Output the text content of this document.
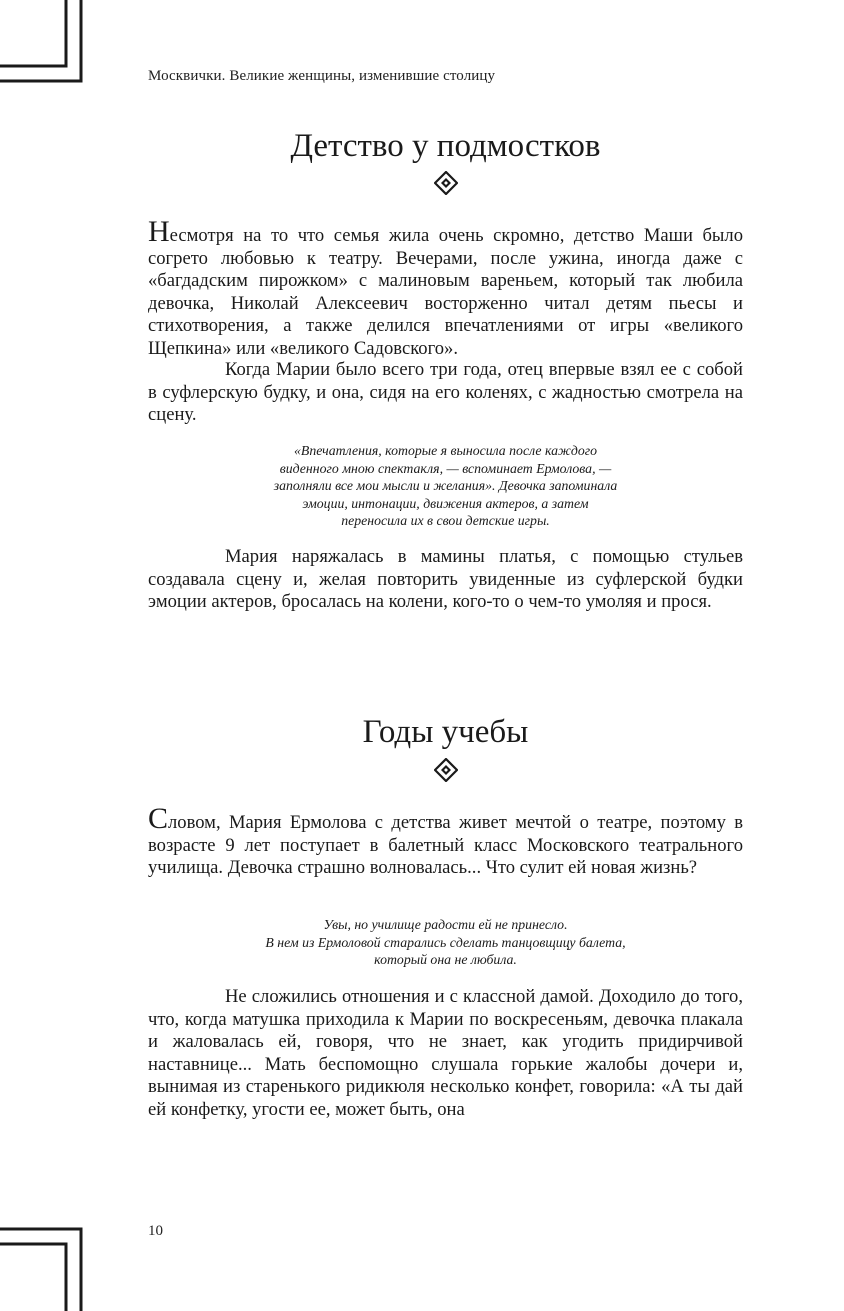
Москвички. Великие женщины, изменившие столицу
Детство у подмостков

Несмотря на то что семья жила очень скромно, детство Маши было согрето любовью к театру. Вечерами, после ужина, иногда даже с «багдадским пирожком» с малиновым вареньем, который так любила девочка, Николай Алексеевич восторженно читал детям пьесы и стихотворения, а также делился впечатлениями от игры «великого Щепкина» или «великого Садовского».

Когда Марии было всего три года, отец впервые взял ее с собой в суфлерскую будку, и она, сидя на его коленях, с жадностью смотрела на сцену.

«Впечатления, которые я выносила после каждого
виденного мною спектакля, — вспоминает Ермолова, —
заполняли все мои мысли и желания». Девочка запоминала
эмоции, интонации, движения актеров, а затем
переносила их в свои детские игры.

Мария наряжалась в мамины платья, с помощью стульев создавала сцену и, желая повторить увиденные из суфлерской будки эмоции актеров, бросалась на колени, кого-то о чем-то умоляя и прося.

Годы учебы

Словом, Мария Ермолова с детства живет мечтой о театре, поэтому в возрасте 9 лет поступает в балетный класс Московского театрального училища. Девочка страшно волновалась... Что сулит ей новая жизнь?

Увы, но училище радости ей не принесло.
В нем из Ермоловой старались сделать танцовщицу балета,
который она не любила.

Не сложились отношения и с классной дамой. Доходило до того, что, когда матушка приходила к Марии по воскресеньям, девочка плакала и жаловалась ей, говоря, что не знает, как угодить придирчивой наставнице... Мать беспомощно слушала горькие жалобы дочери и, вынимая из старенького ридикюля несколько конфет, говорила: «А ты дай ей конфетку, угости ее, может быть, она

10
